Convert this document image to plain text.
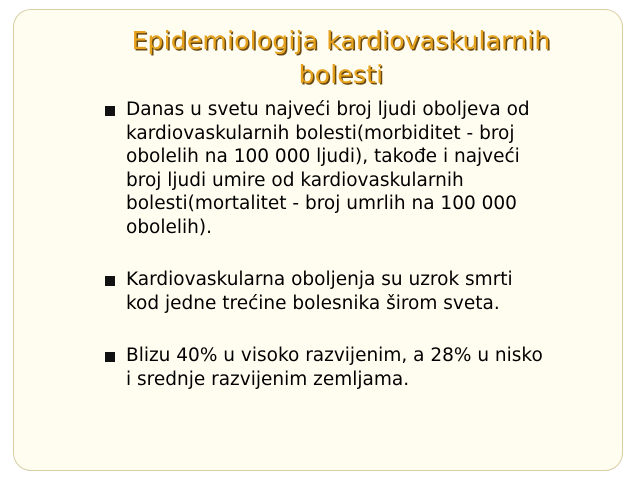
Epidemiologija kardiovaskularnih
bolesti
Danas u svetu najveći broj ljudi oboljeva od
kardiovaskularnih bolesti(morbiditet - broj
obolelih na 100 000 ljudi), takođe i najveći
broj ljudi umire od kardiovaskularnih
bolesti(mortalitet - broj umrlih na 100 000
obolelih).
Kardiovaskularna oboljenja su uzrok smrti
kod jedne trećine bolesnika širom sveta.
Blizu 40% u visoko razvijenim, a 28% u nisko
i srednje razvijenim zemljama.
